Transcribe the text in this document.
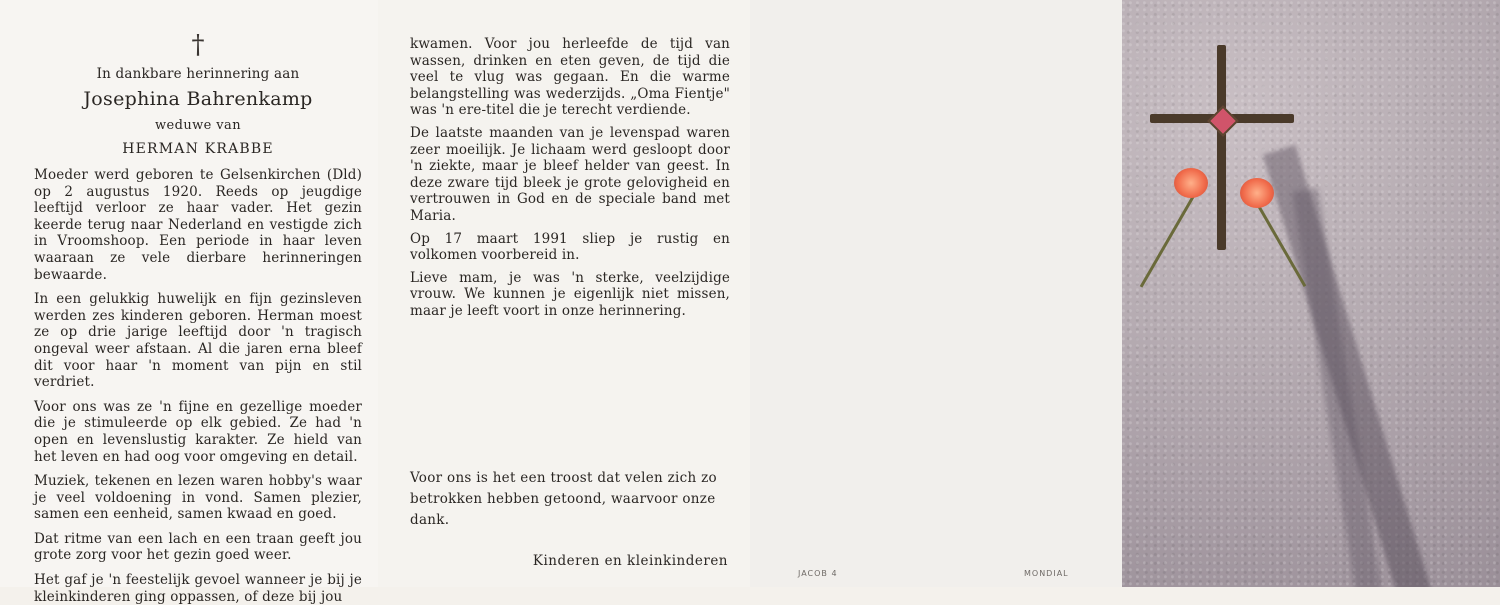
†
In dankbare herinnering aan
Josephina Bahrenkamp
weduwe van
HERMAN KRABBE

Moeder werd geboren te Gelsenkirchen (Dld) op 2 augustus 1920. Reeds op jeugdige leeftijd verloor ze haar vader. Het gezin keerde terug naar Nederland en vestigde zich in Vroomshoop. Een periode in haar leven waaraan ze vele dierbare herinneringen bewaarde.

In een gelukkig huwelijk en fijn gezinsleven werden zes kinderen geboren. Herman moest ze op drie jarige leeftijd door 'n tragisch ongeval weer afstaan. Al die jaren erna bleef dit voor haar 'n moment van pijn en stil verdriet.

Voor ons was ze 'n fijne en gezellige moeder die je stimuleerde op elk gebied. Ze had 'n open en levenslustig karakter. Ze hield van het leven en had oog voor omgeving en detail.

Muziek, tekenen en lezen waren hobby's waar je veel voldoening in vond. Samen plezier, samen een eenheid, samen kwaad en goed.

Dat ritme van een lach en een traan geeft jou grote zorg voor het gezin goed weer.

Het gaf je 'n feestelijk gevoel wanneer je bij je kleinkinderen ging oppassen, of deze bij jou

kwamen. Voor jou herleefde de tijd van wassen, drinken en eten geven, de tijd die veel te vlug was gegaan. En die warme belangstelling was wederzijds. „Oma Fientje" was 'n ere-titel die je terecht verdiende.

De laatste maanden van je levenspad waren zeer moeilijk. Je lichaam werd gesloopt door 'n ziekte, maar je bleef helder van geest. In deze zware tijd bleek je grote gelovigheid en vertrouwen in God en de speciale band met Maria.

Op 17 maart 1991 sliep je rustig en volkomen voorbereid in.

Lieve mam, je was 'n sterke, veelzijdige vrouw. We kunnen je eigenlijk niet missen, maar je leeft voort in onze herinnering.

Voor ons is het een troost dat velen zich zo betrokken hebben getoond, waarvoor onze dank.

Kinderen en kleinkinderen
JACOB 4	MONDIAL
